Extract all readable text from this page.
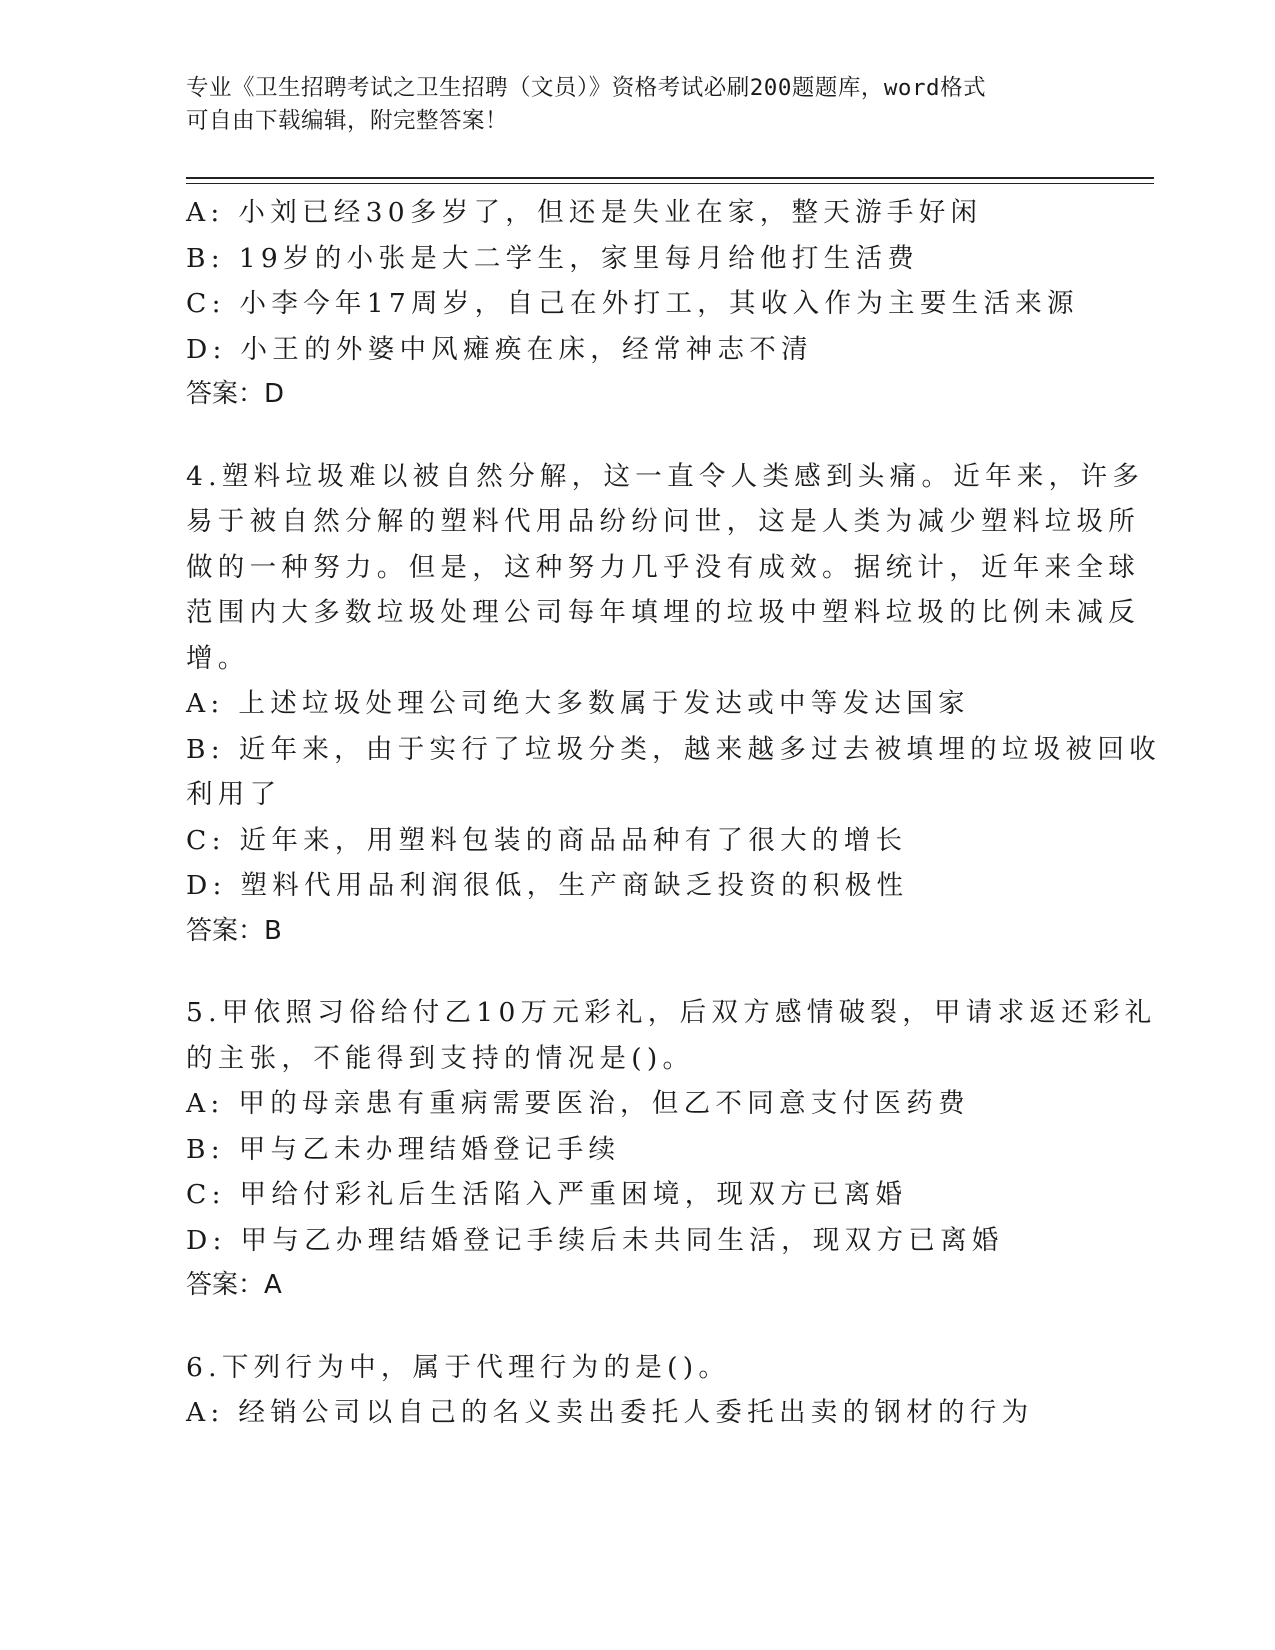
专业《卫生招聘考试之卫生招聘（文员）》资格考试必刷200题题库，word格式
可自由下载编辑，附完整答案！
A: 小刘已经30多岁了，但还是失业在家，整天游手好闲
B: 19岁的小张是大二学生，家里每月给他打生活费
C: 小李今年17周岁，自己在外打工，其收入作为主要生活来源
D: 小王的外婆中风瘫痪在床，经常神志不清
答案：D
4.塑料垃圾难以被自然分解，这一直令人类感到头痛。近年来，许多
易于被自然分解的塑料代用品纷纷问世，这是人类为减少塑料垃圾所
做的一种努力。但是，这种努力几乎没有成效。据统计，近年来全球
范围内大多数垃圾处理公司每年填埋的垃圾中塑料垃圾的比例未减反
增。
A: 上述垃圾处理公司绝大多数属于发达或中等发达国家
B: 近年来，由于实行了垃圾分类，越来越多过去被填埋的垃圾被回收
利用了
C: 近年来，用塑料包装的商品品种有了很大的增长
D: 塑料代用品利润很低，生产商缺乏投资的积极性
答案：B
5.甲依照习俗给付乙10万元彩礼，后双方感情破裂，甲请求返还彩礼
的主张，不能得到支持的情况是()。
A: 甲的母亲患有重病需要医治，但乙不同意支付医药费
B: 甲与乙未办理结婚登记手续
C: 甲给付彩礼后生活陷入严重困境，现双方已离婚
D: 甲与乙办理结婚登记手续后未共同生活，现双方已离婚
答案：A
6.下列行为中，属于代理行为的是()。
A: 经销公司以自己的名义卖出委托人委托出卖的钢材的行为
